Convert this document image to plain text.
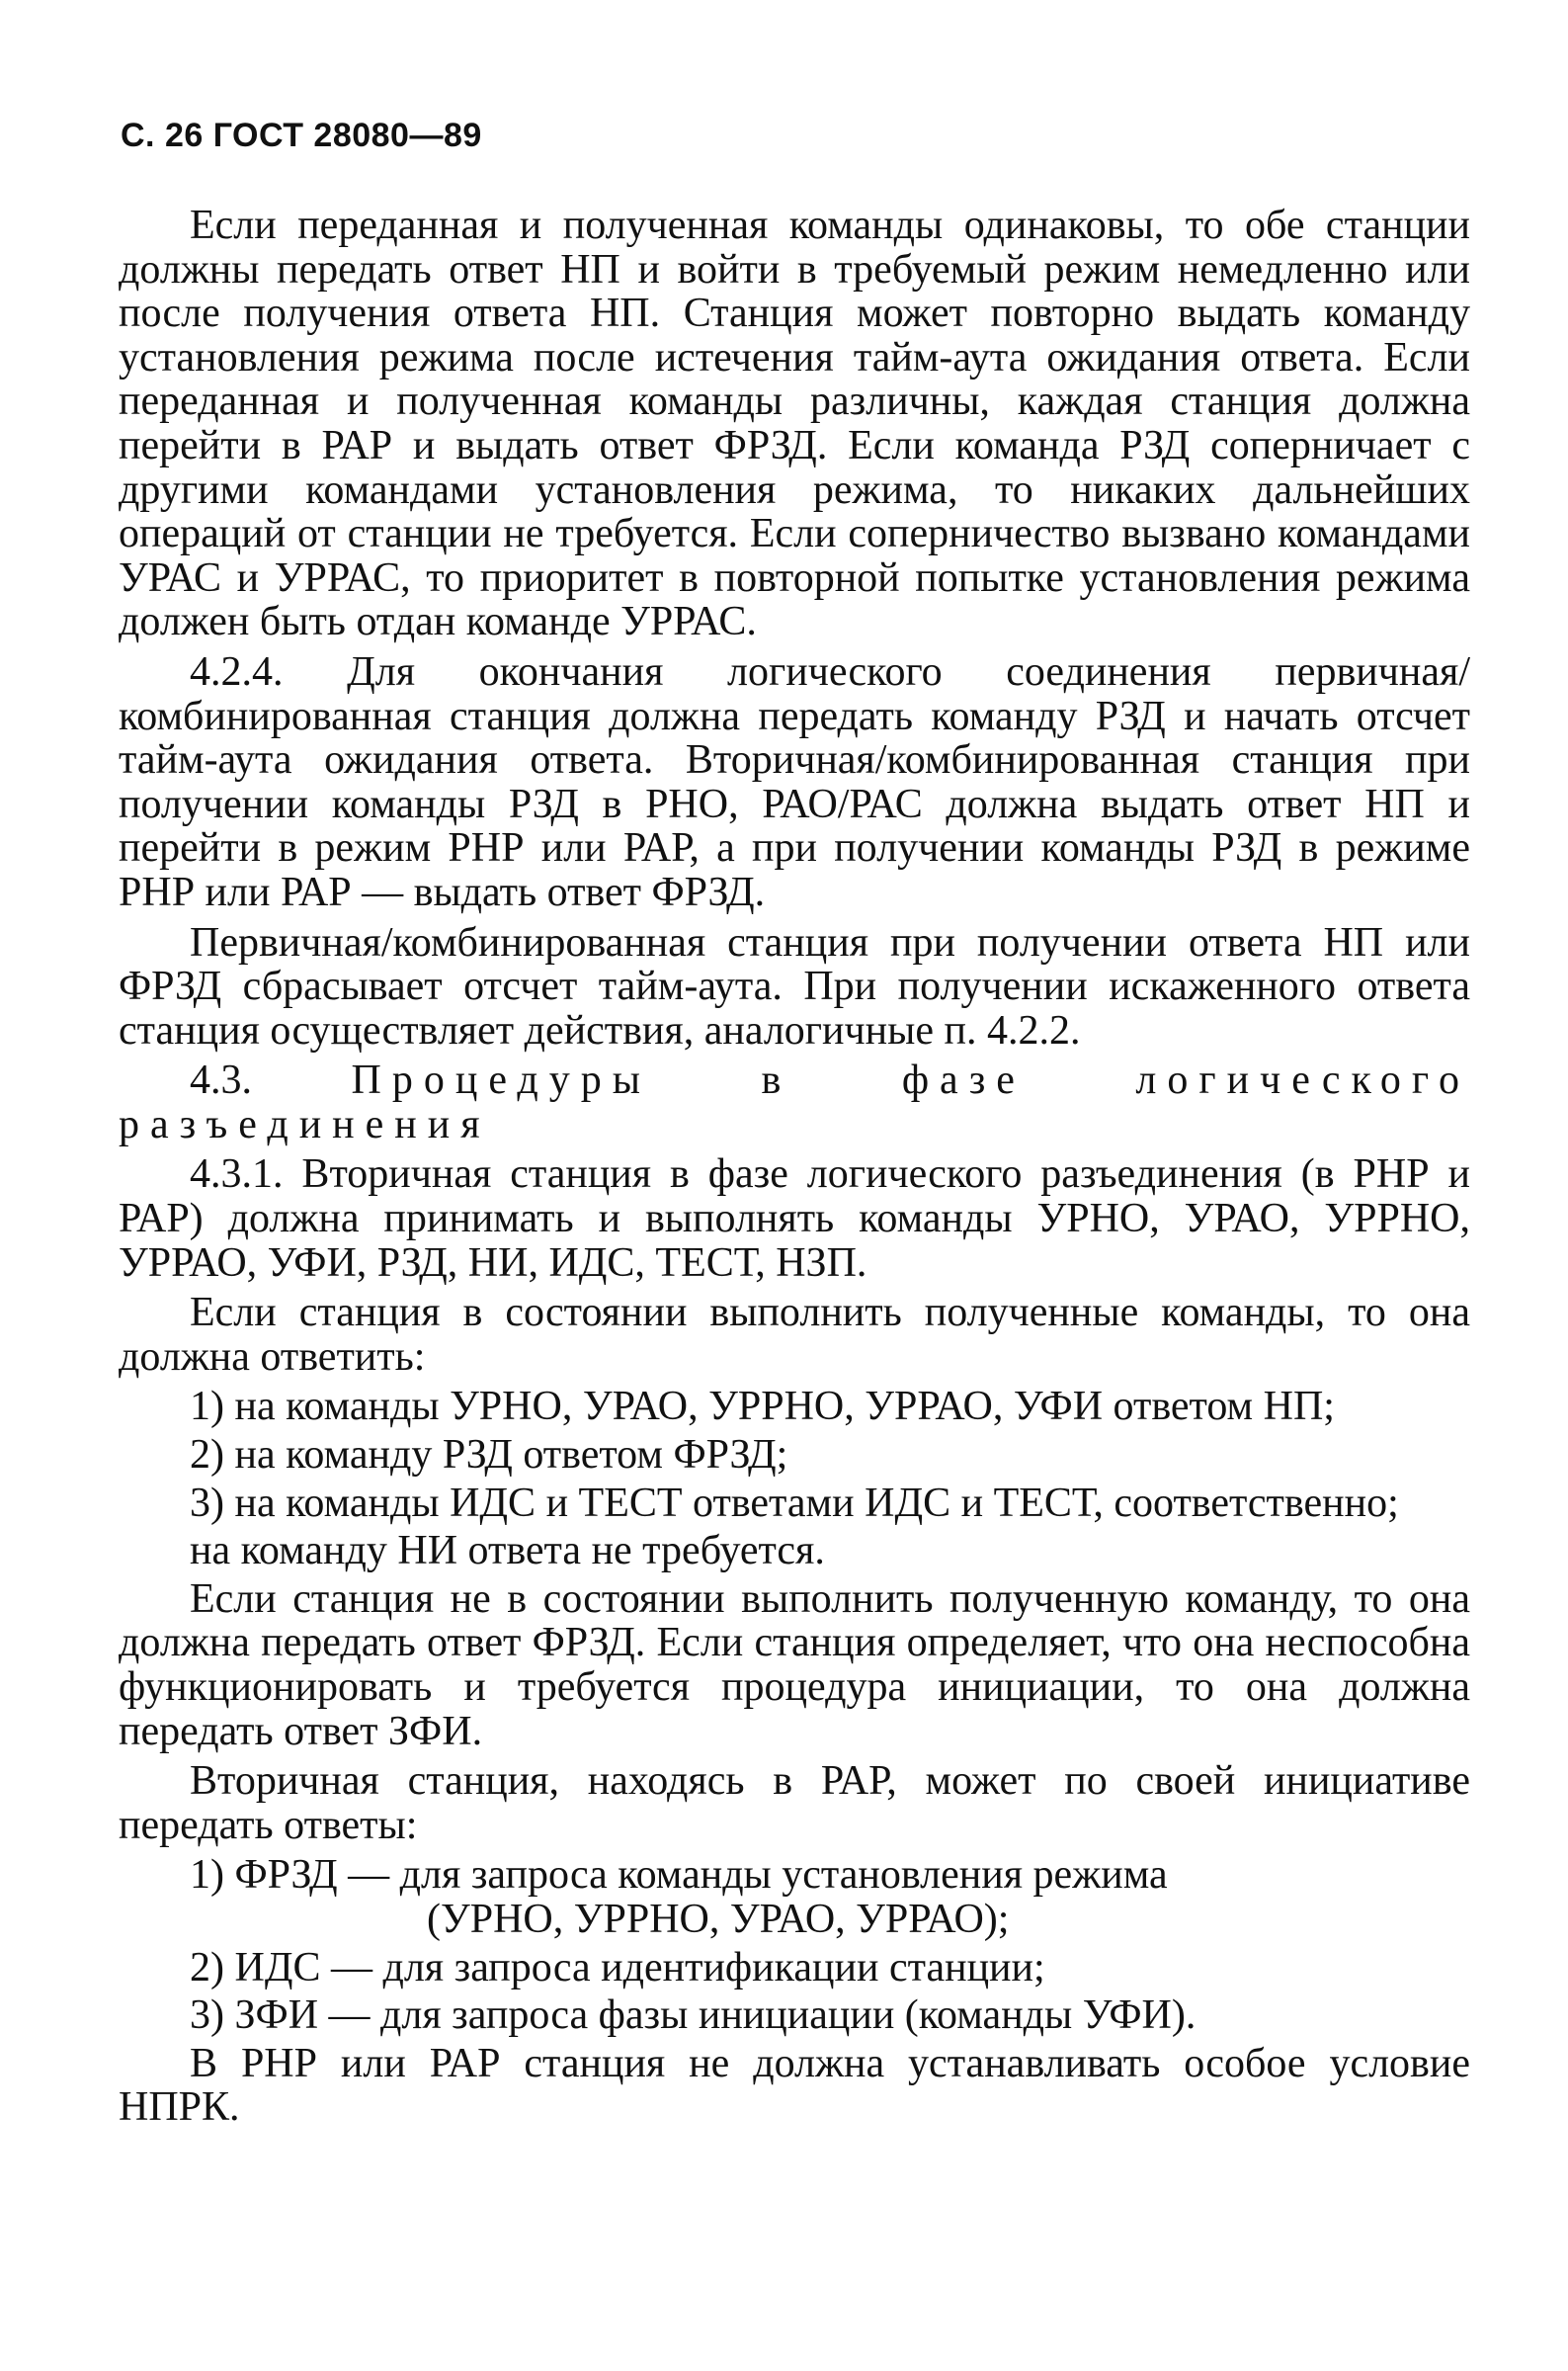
С. 26 ГОСТ 28080—89

Если переданная и полученная команды одинаковы, то обе станции должны передать ответ НП и войти в требуемый режим немедленно или после получения ответа НП. Станция может повторно выдать команду установления режима после истечения тайм-аута ожидания ответа. Если переданная и полученная команды различны, каждая станция должна перейти в РАР и выдать ответ ФРЗД. Если команда РЗД соперничает с другими командами установления режима, то никаких дальнейших операций от станции не требуется. Если соперничество вызвано командами УРАС и УРРАС, то приоритет в повторной попытке установления режима должен быть отдан команде УРРАС.

4.2.4. Для окончания логического соединения первичная/комбинированная станция должна передать команду РЗД и начать отсчет тайм-аута ожидания ответа. Вторичная/комбинированная станция при получении команды РЗД в РНО, РАО/РАС должна выдать ответ НП и перейти в режим РНР или РАР, а при получении команды РЗД в режиме РНР или РАР — выдать ответ ФРЗД.

Первичная/комбинированная станция при получении ответа НП или ФРЗД сбрасывает отсчет тайм-аута. При получении искаженного ответа станция осуществляет действия, аналогичные п. 4.2.2.

4.3. Процедуры в фазе логического разъединения

4.3.1. Вторичная станция в фазе логического разъединения (в РНР и РАР) должна принимать и выполнять команды УРНО, УРАО, УРРНО, УРРАО, УФИ, РЗД, НИ, ИДС, ТЕСТ, НЗП.

Если станция в состоянии выполнить полученные команды, то она должна ответить:

1) на команды УРНО, УРАО, УРРНО, УРРАО, УФИ ответом НП;

2) на команду РЗД ответом ФРЗД;

3) на команды ИДС и ТЕСТ ответами ИДС и ТЕСТ, соответственно;

на команду НИ ответа не требуется.

Если станция не в состоянии выполнить полученную команду, то она должна передать ответ ФРЗД. Если станция определяет, что она неспособна функционировать и требуется процедура инициации, то она должна передать ответ ЗФИ.

Вторичная станция, находясь в РАР, может по своей инициативе передать ответы:

1) ФРЗД — для запроса команды установления режима
(УРНО, УРРНО, УРАО, УРРАО);

2) ИДС — для запроса идентификации станции;

3) ЗФИ — для запроса фазы инициации (команды УФИ).

В РНР или РАР станция не должна устанавливать особое условие НПРК.
